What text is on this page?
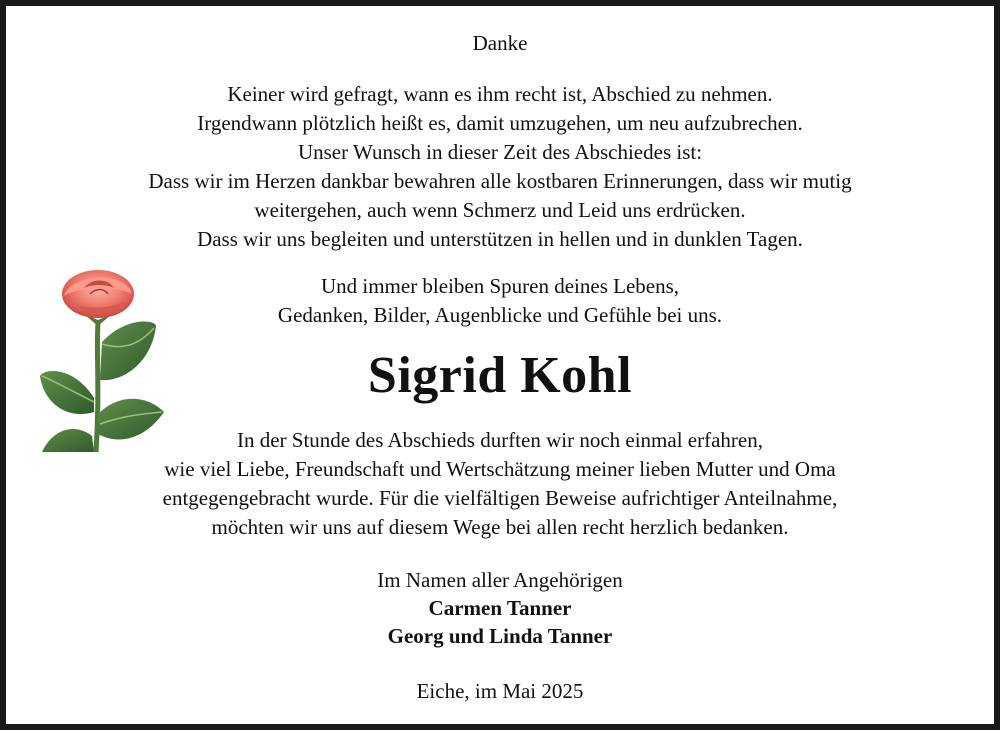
Danke
Keiner wird gefragt, wann es ihm recht ist, Abschied zu nehmen.
Irgendwann plötzlich heißt es, damit umzugehen, um neu aufzubrechen.
Unser Wunsch in dieser Zeit des Abschiedes ist:
Dass wir im Herzen dankbar bewahren alle kostbaren Erinnerungen, dass wir mutig
weitergehen, auch wenn Schmerz und Leid uns erdrücken.
Dass wir uns begleiten und unterstützen in hellen und in dunklen Tagen.
Und immer bleiben Spuren deines Lebens,
Gedanken, Bilder, Augenblicke und Gefühle bei uns.
Sigrid Kohl
In der Stunde des Abschieds durften wir noch einmal erfahren,
wie viel Liebe, Freundschaft und Wertschätzung meiner lieben Mutter und Oma
entgegengebracht wurde. Für die vielfältigen Beweise aufrichtiger Anteilnahme,
möchten wir uns auf diesem Wege bei allen recht herzlich bedanken.
Im Namen aller Angehörigen
Carmen Tanner
Georg und Linda Tanner
Eiche, im Mai 2025
